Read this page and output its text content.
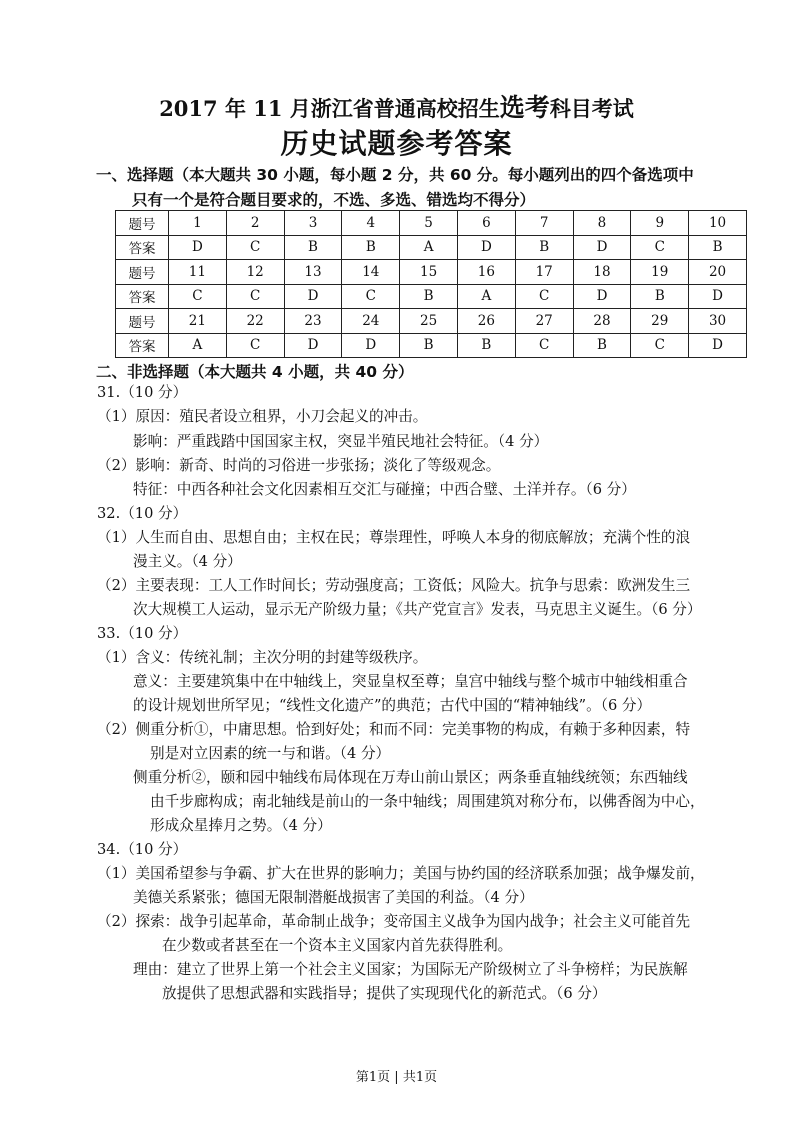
2017 年 11 月浙江省普通高校招生选考科目考试
历史试题参考答案
一、选择题（本大题共 30 小题，每小题 2 分，共 60 分。每小题列出的四个备选项中
只有一个是符合题目要求的，不选、多选、错选均不得分）
题号	1	2	3	4	5	6	7	8	9	10
答案	D	C	B	B	A	D	B	D	C	B
题号	11	12	13	14	15	16	17	18	19	20
答案	C	C	D	C	B	A	C	D	B	D
题号	21	22	23	24	25	26	27	28	29	30
答案	A	C	D	D	B	B	C	B	C	D
二、非选择题（本大题共 4 小题，共 40 分）
31.（10 分）
（1）原因：殖民者设立租界，小刀会起义的冲击。
影响：严重践踏中国国家主权，突显半殖民地社会特征。（4 分）
（2）影响：新奇、时尚的习俗进一步张扬；淡化了等级观念。
特征：中西各种社会文化因素相互交汇与碰撞；中西合璧、土洋并存。（6 分）
32.（10 分）
（1）人生而自由、思想自由；主权在民；尊崇理性，呼唤人本身的彻底解放；充满个性的浪
漫主义。（4 分）
（2）主要表现：工人工作时间长；劳动强度高；工资低；风险大。抗争与思索：欧洲发生三
次大规模工人运动，显示无产阶级力量；《共产党宣言》发表，马克思主义诞生。（6 分）
33.（10 分）
（1）含义：传统礼制；主次分明的封建等级秩序。
意义：主要建筑集中在中轴线上，突显皇权至尊；皇宫中轴线与整个城市中轴线相重合
的设计规划世所罕见；“线性文化遗产”的典范；古代中国的“精神轴线”。（6 分）
（2）侧重分析①，中庸思想。恰到好处；和而不同：完美事物的构成，有赖于多种因素，特
别是对立因素的统一与和谐。（4 分）
侧重分析②，颐和园中轴线布局体现在万寿山前山景区；两条垂直轴线统领；东西轴线
由千步廊构成；南北轴线是前山的一条中轴线；周围建筑对称分布，以佛香阁为中心，
形成众星捧月之势。（4 分）
34.（10 分）
（1）美国希望参与争霸、扩大在世界的影响力；美国与协约国的经济联系加强；战争爆发前，
美德关系紧张；德国无限制潜艇战损害了美国的利益。（4 分）
（2）探索：战争引起革命，革命制止战争；变帝国主义战争为国内战争；社会主义可能首先
在少数或者甚至在一个资本主义国家内首先获得胜利。
理由：建立了世界上第一个社会主义国家；为国际无产阶级树立了斗争榜样；为民族解
放提供了思想武器和实践指导；提供了实现现代化的新范式。（6 分）
第1页 | 共1页
